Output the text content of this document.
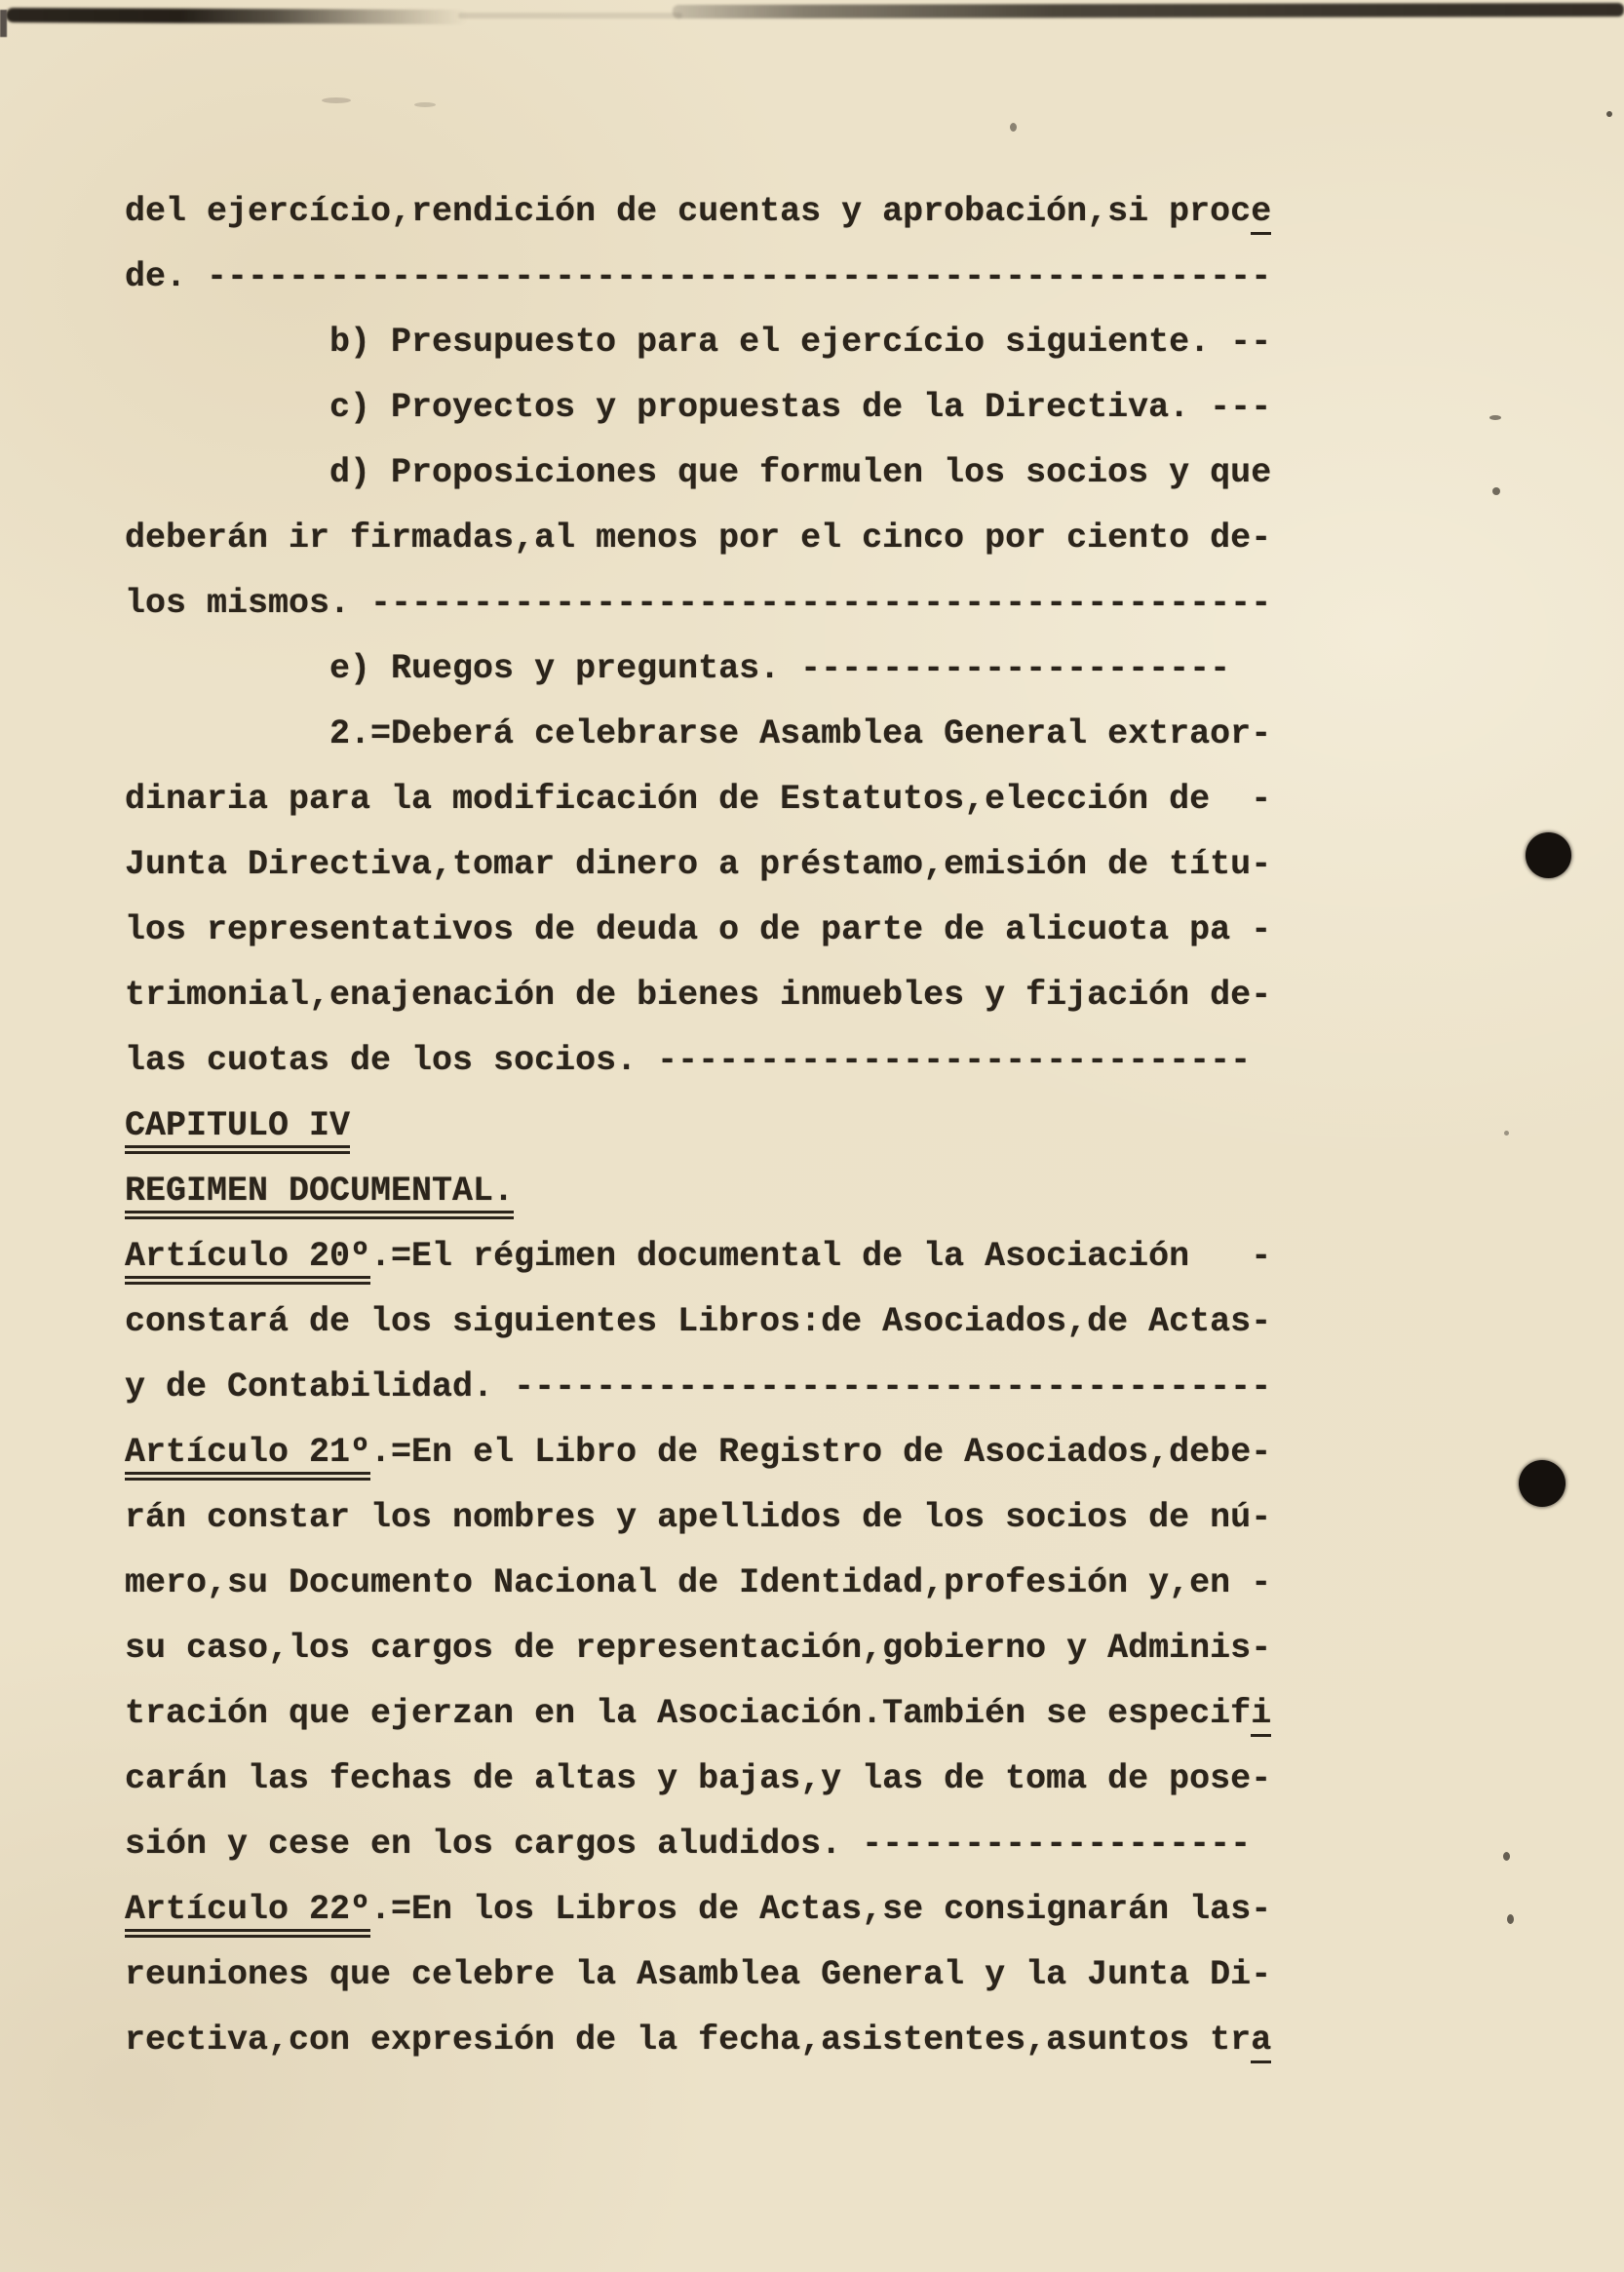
del ejercício,rendición de cuentas y aprobación,si proce
de. ----------------------------------------------------
b) Presupuesto para el ejercício siguiente. --
c) Proyectos y propuestas de la Directiva. ---
d) Proposiciones que formulen los socios y que
deberán ir firmadas,al menos por el cinco por ciento de-
los mismos. --------------------------------------------
e) Ruegos y preguntas. ---------------------
2.=Deberá celebrarse Asamblea General extraor-
dinaria para la modificación de Estatutos,elección de  -
Junta Directiva,tomar dinero a préstamo,emisión de títu-
los representativos de deuda o de parte de alicuota pa -
trimonial,enajenación de bienes inmuebles y fijación de-
las cuotas de los socios. -----------------------------
CAPITULO IV
REGIMEN DOCUMENTAL.
Artículo 20º.=El régimen documental de la Asociación   -
constará de los siguientes Libros:de Asociados,de Actas-
y de Contabilidad. -------------------------------------
Artículo 21º.=En el Libro de Registro de Asociados,debe-
rán constar los nombres y apellidos de los socios de nú-
mero,su Documento Nacional de Identidad,profesión y,en -
su caso,los cargos de representación,gobierno y Adminis-
tración que ejerzan en la Asociación.También se especifi
carán las fechas de altas y bajas,y las de toma de pose-
sión y cese en los cargos aludidos. -------------------
Artículo 22º.=En los Libros de Actas,se consignarán las-
reuniones que celebre la Asamblea General y la Junta Di-
rectiva,con expresión de la fecha,asistentes,asuntos tra
